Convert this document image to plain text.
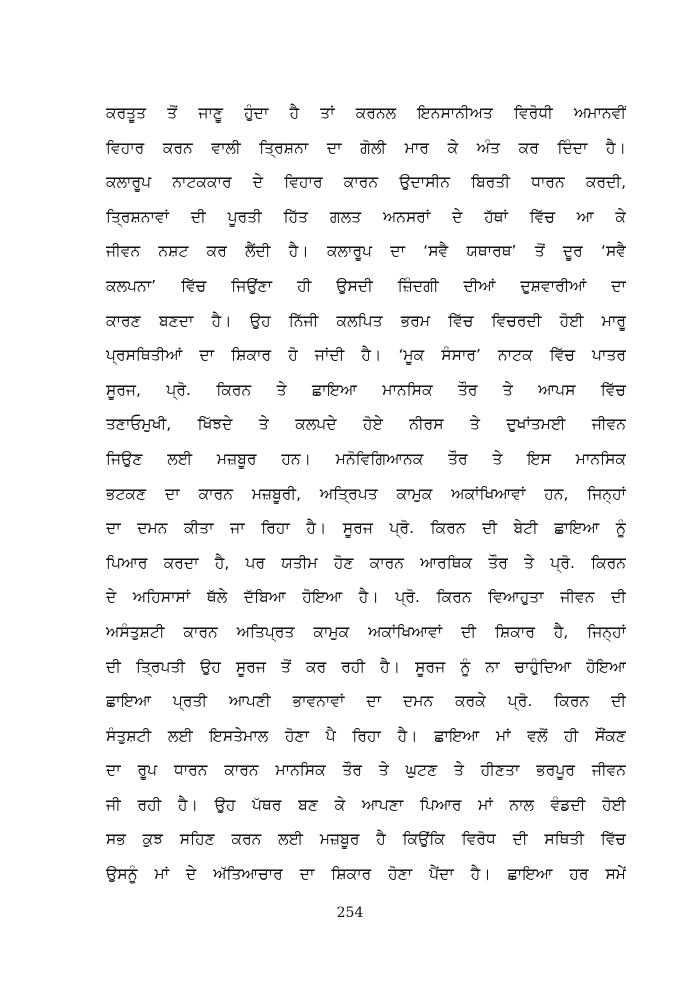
ਕਰਤੂਤ ਤੋਂ ਜਾਣੂ ਹੁੰਦਾ ਹੈ ਤਾਂ ਕਰਨਲ ਇਨਸਾਨੀਅਤ ਵਿਰੋਧੀ ਅਮਾਨਵੀਂ
ਵਿਹਾਰ ਕਰਨ ਵਾਲੀ ਤ੍ਰਿਸ਼ਨਾ ਦਾ ਗੋਲੀ ਮਾਰ ਕੇ ਅੰਤ ਕਰ ਦਿੰਦਾ ਹੈ।
ਕਲਾਰੂਪ ਨਾਟਕਕਾਰ ਦੇ ਵਿਹਾਰ ਕਾਰਨ ਉਦਾਸੀਨ ਬਿਰਤੀ ਧਾਰਨ ਕਰਦੀ,
ਤ੍ਰਿਸ਼ਨਾਵਾਂ ਦੀ ਪੂਰਤੀ ਹਿੱਤ ਗਲਤ ਅਨਸਰਾਂ ਦੇ ਹੱਥਾਂ ਵਿੱਚ ਆ ਕੇ
ਜੀਵਨ ਨਸ਼ਟ ਕਰ ਲੈਂਦੀ ਹੈ। ਕਲਾਰੂਪ ਦਾ ‘ਸਵੈ ਯਥਾਰਥ’ ਤੋਂ ਦੂਰ ‘ਸਵੈ
ਕਲਪਨਾ’ ਵਿੱਚ ਜਿਉਂਣਾ ਹੀ ਉਸਦੀ ਜ਼ਿੰਦਗੀ ਦੀਆਂ ਦੁਸ਼ਵਾਰੀਆਂ ਦਾ
ਕਾਰਣ ਬਣਦਾ ਹੈ। ਉਹ ਨਿੱਜੀ ਕਲਪਿਤ ਭਰਮ ਵਿੱਚ ਵਿਚਰਦੀ ਹੋਈ ਮਾਰੂ
ਪ੍ਰਸਥਿਤੀਆਂ ਦਾ ਸ਼ਿਕਾਰ ਹੋ ਜਾਂਦੀ ਹੈ। ‘ਮੂਕ ਸੰਸਾਰ’ ਨਾਟਕ ਵਿੱਚ ਪਾਤਰ
ਸੂਰਜ, ਪ੍ਰੋ. ਕਿਰਨ ਤੇ ਛਾਇਆ ਮਾਨਸਿਕ ਤੌਰ ਤੇ ਆਪਸ ਵਿੱਚ
ਤਣਾਓਮੁਖੀ, ਖਿੱਝਦੇ ਤੇ ਕਲਪਦੇ ਹੋਏ ਨੀਰਸ ਤੇ ਦੁਖਾਂਤਮਈ ਜੀਵਨ
ਜਿਉਣ ਲਈ ਮਜ਼ਬੂਰ ਹਨ। ਮਨੋਵਿਗਿਆਨਕ ਤੌਰ ਤੇ ਇਸ ਮਾਨਸਿਕ
ਭਟਕਣ ਦਾ ਕਾਰਨ ਮਜ਼ਬੂਰੀ, ਅਤ੍ਰਿਪਤ ਕਾਮੁਕ ਅਕਾਂਖਿਆਵਾਂ ਹਨ, ਜਿਨ੍ਹਾਂ
ਦਾ ਦਮਨ ਕੀਤਾ ਜਾ ਰਿਹਾ ਹੈ। ਸੂਰਜ ਪ੍ਰੋ. ਕਿਰਨ ਦੀ ਬੇਟੀ ਛਾਇਆ ਨੂੰ
ਪਿਆਰ ਕਰਦਾ ਹੈ, ਪਰ ਯਤੀਮ ਹੋਣ ਕਾਰਨ ਆਰਥਿਕ ਤੌਰ ਤੇ ਪ੍ਰੋ. ਕਿਰਨ
ਦੇ ਅਹਿਸਾਸਾਂ ਥੱਲੇ ਦੱਬਿਆ ਹੋਇਆ ਹੈ। ਪ੍ਰੋ. ਕਿਰਨ ਵਿਆਹੁਤਾ ਜੀਵਨ ਦੀ
ਅਸੰਤੁਸ਼ਟੀ ਕਾਰਨ ਅਤਿਪ੍ਰਤ ਕਾਮੁਕ ਅਕਾਂਖਿਆਵਾਂ ਦੀ ਸ਼ਿਕਾਰ ਹੈ, ਜਿਨ੍ਹਾਂ
ਦੀ ਤ੍ਰਿਪਤੀ ਉਹ ਸੂਰਜ ਤੋਂ ਕਰ ਰਹੀ ਹੈ। ਸੂਰਜ ਨੂੰ ਨਾ ਚਾਹੁੰਦਿਆ ਹੋਇਆ
ਛਾਇਆ ਪ੍ਰਤੀ ਆਪਣੀ ਭਾਵਨਾਵਾਂ ਦਾ ਦਮਨ ਕਰਕੇ ਪ੍ਰੋ. ਕਿਰਨ ਦੀ
ਸੰਤੁਸ਼ਟੀ ਲਈ ਇਸਤੇਮਾਲ ਹੋਣਾ ਪੈ ਰਿਹਾ ਹੈ। ਛਾਇਆ ਮਾਂ ਵਲੋਂ ਹੀ ਸੌਂਕਣ
ਦਾ ਰੂਪ ਧਾਰਨ ਕਾਰਨ ਮਾਨਸਿਕ ਤੌਰ ਤੇ ਘੁਟਣ ਤੇ ਹੀਣਤਾ ਭਰਪੂਰ ਜੀਵਨ
ਜੀ ਰਹੀ ਹੈ। ਉਹ ਪੱਥਰ ਬਣ ਕੇ ਆਪਣਾ ਪਿਆਰ ਮਾਂ ਨਾਲ ਵੰਡਦੀ ਹੋਈ
ਸਭ ਕੁਝ ਸਹਿਣ ਕਰਨ ਲਈ ਮਜ਼ਬੂਰ ਹੈ ਕਿਉਂਕਿ ਵਿਰੋਧ ਦੀ ਸਥਿਤੀ ਵਿੱਚ
ਉਸਨੂੰ ਮਾਂ ਦੇ ਅੱਤਿਆਚਾਰ ਦਾ ਸ਼ਿਕਾਰ ਹੋਣਾ ਪੈਂਦਾ ਹੈ। ਛਾਇਆ ਹਰ ਸਮੇਂ
254
